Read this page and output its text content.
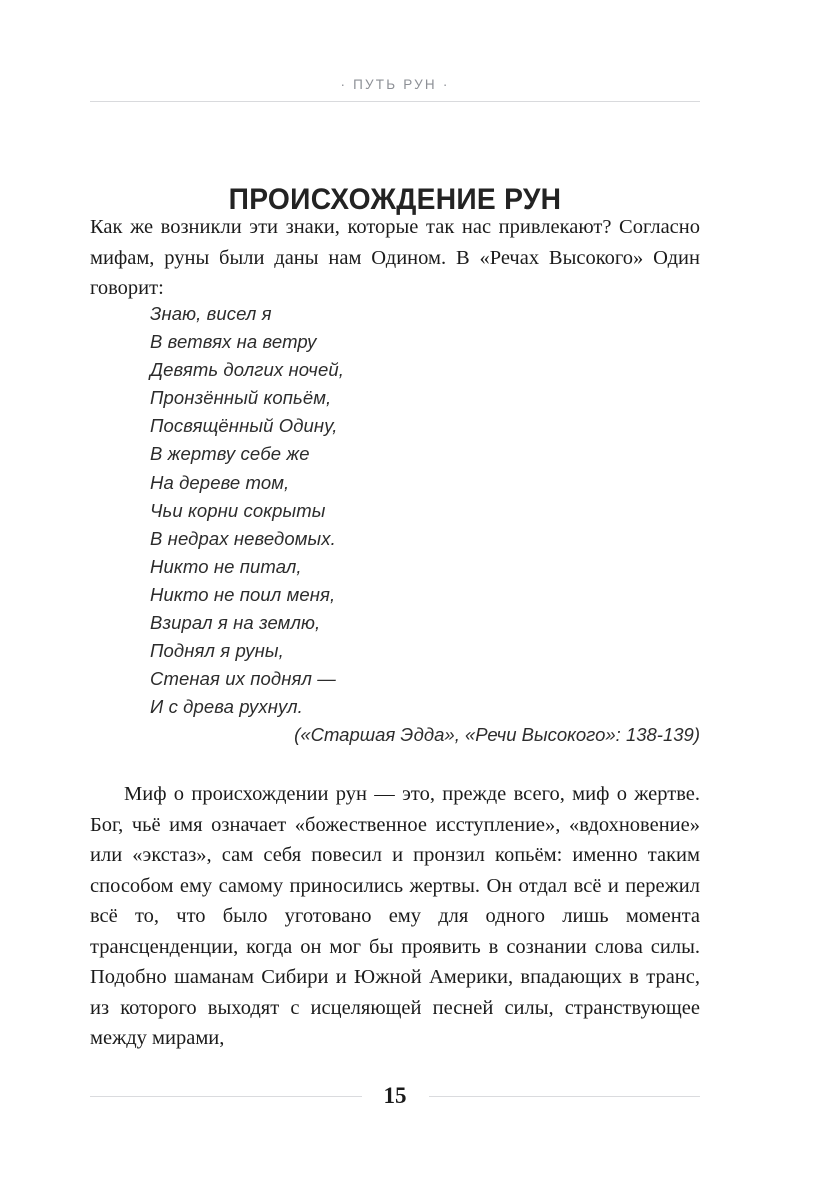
· ПУТЬ РУН ·
ПРОИСХОЖДЕНИЕ РУН

Как же возникли эти знаки, которые так нас привлекают? Согласно мифам, руны были даны нам Одином. В «Речах Высокого» Один говорит:

Знаю, висел я
В ветвях на ветру
Девять долгих ночей,
Пронзённый копьём,
Посвящённый Одину,
В жертву себе же
На дереве том,
Чьи корни сокрыты
В недрах неведомых.
Никто не питал,
Никто не поил меня,
Взирал я на землю,
Поднял я руны,
Стеная их поднял —
И с древа рухнул.
(«Старшая Эдда», «Речи Высокого»: 138-139)

Миф о происхождении рун — это, прежде всего, миф о жертве. Бог, чьё имя означает «божественное исступление», «вдохновение» или «экстаз», сам себя повесил и пронзил копьём: именно таким способом ему самому приносились жертвы. Он отдал всё и пережил всё то, что было уготовано ему для одного лишь момента трансценденции, когда он мог бы проявить в сознании слова силы. Подобно шаманам Сибири и Южной Америки, впадающих в транс, из которого выходят с исцеляющей песней силы, странствующее между мирами,

15
